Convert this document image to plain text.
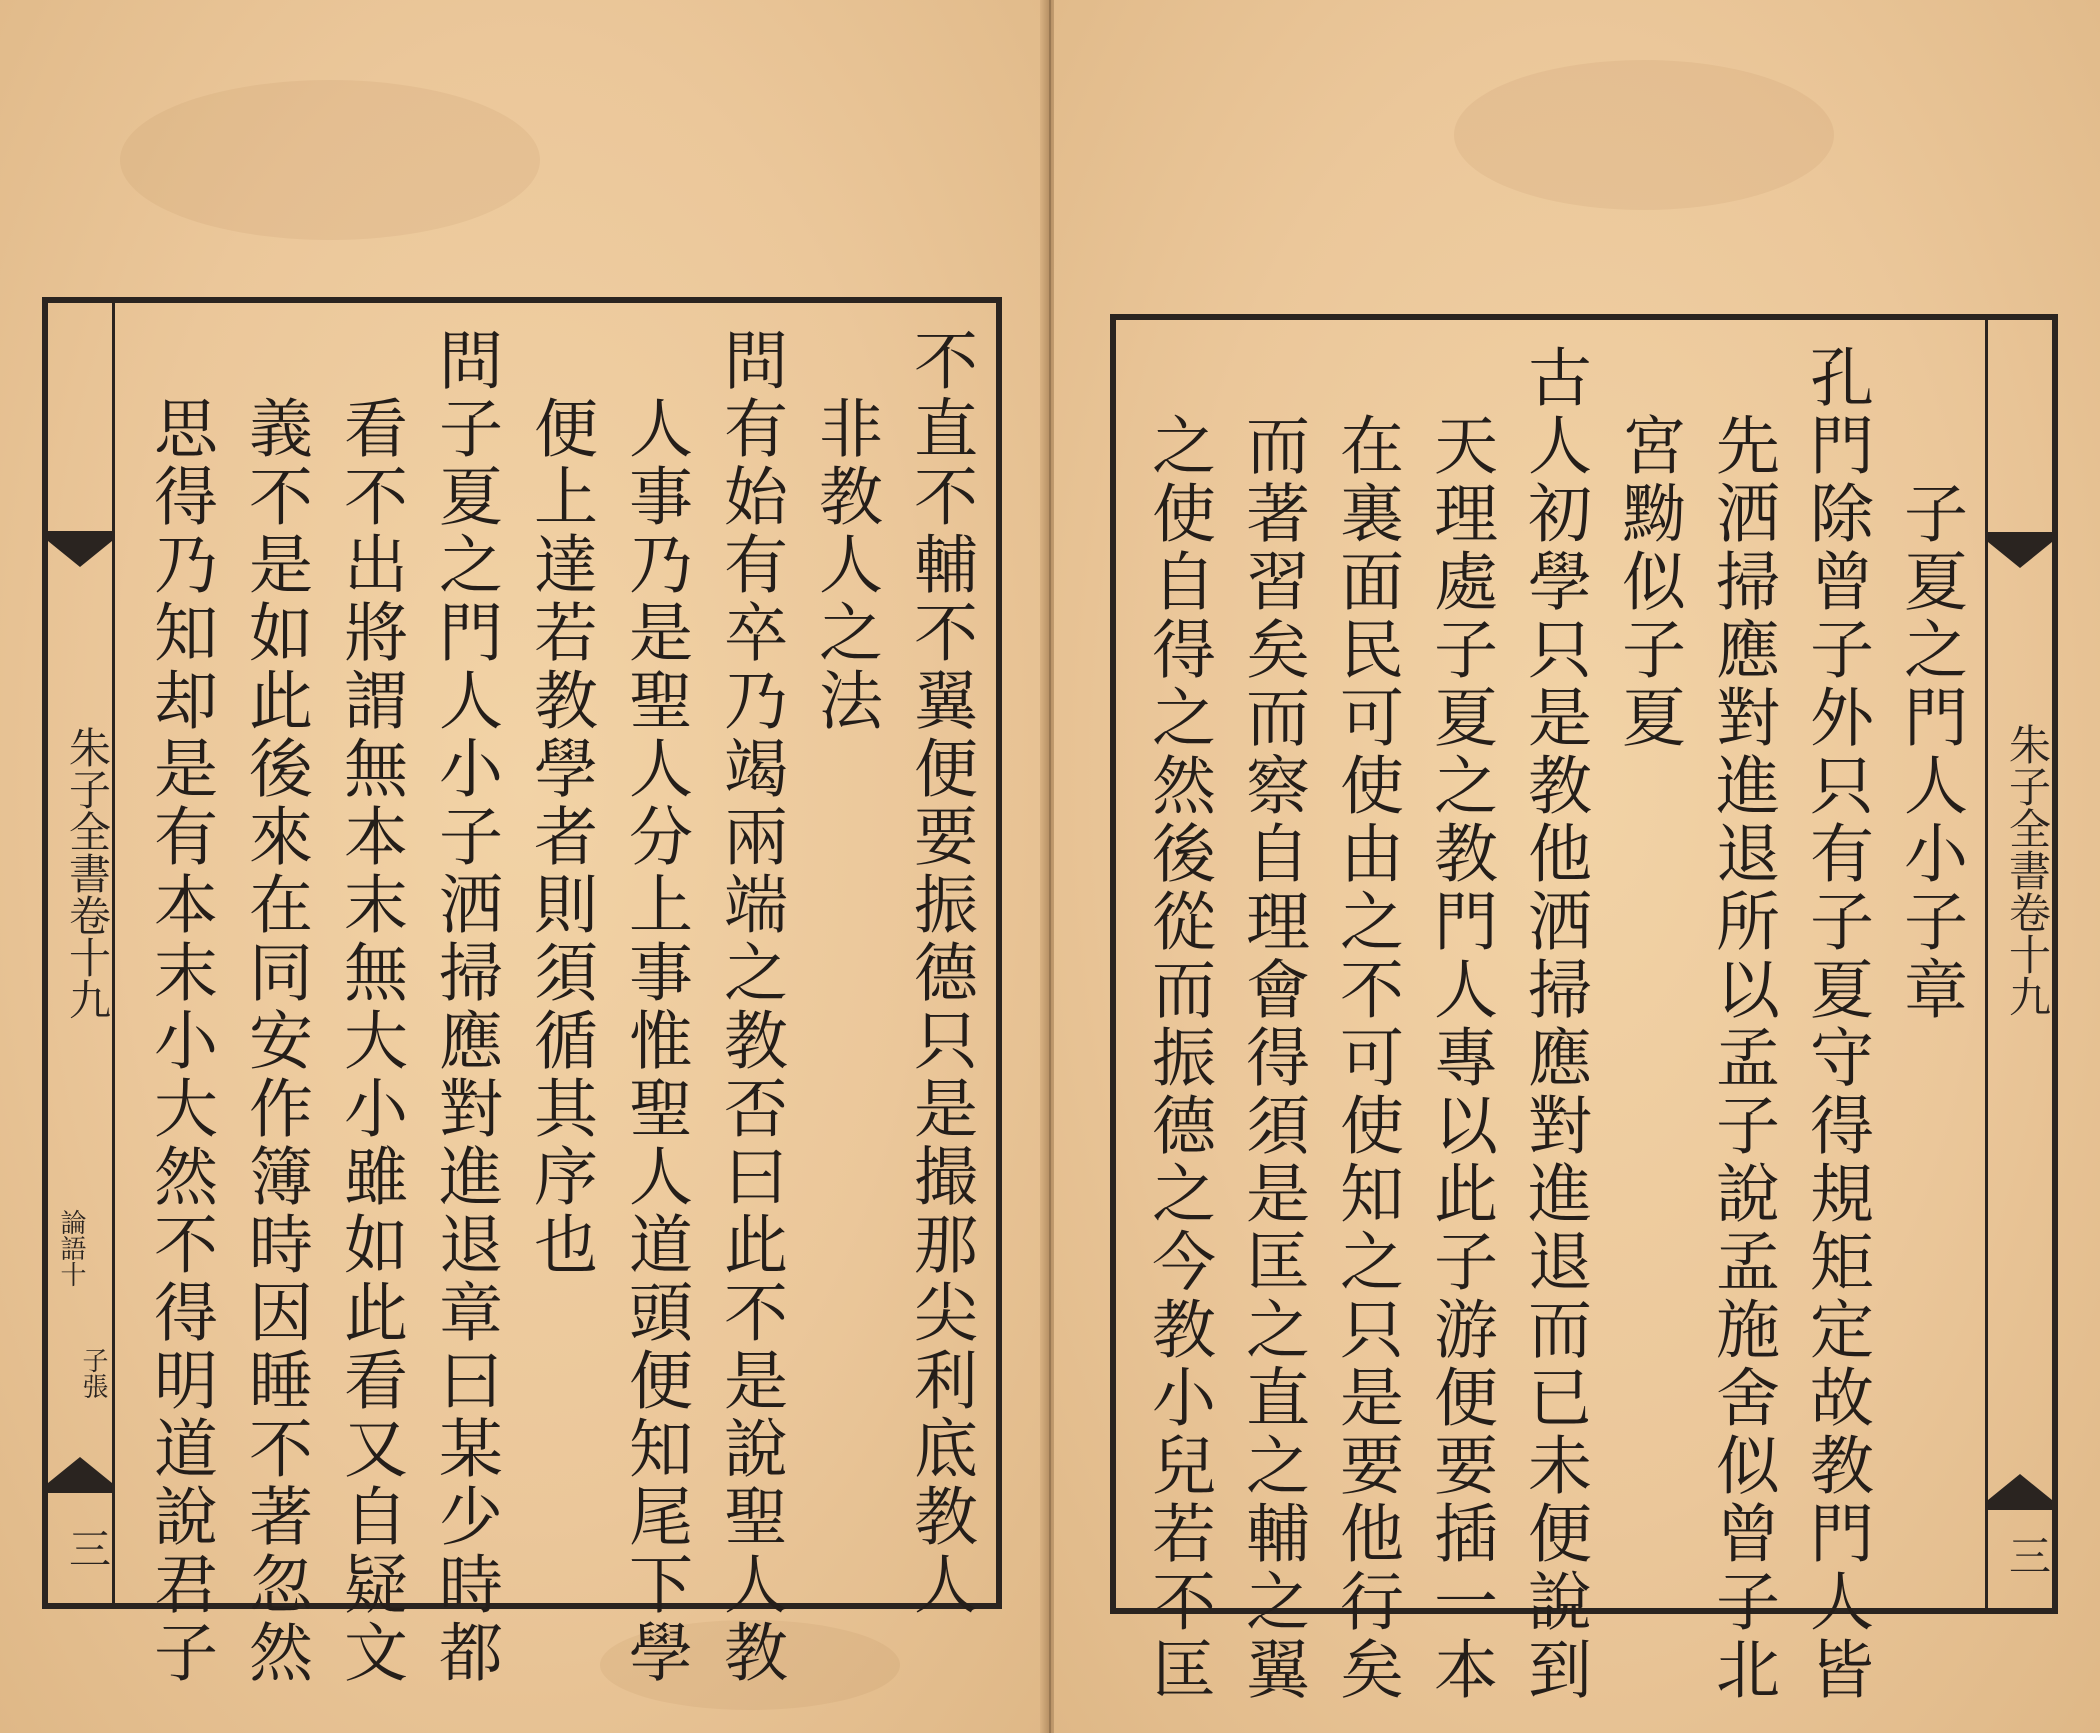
朱子全書卷十九
論語十
子張
三	不直不輔不翼便要振德只是撮那尖利底教人
非教人之法
問有始有卒乃竭兩端之教否曰此不是說聖人教
人事乃是聖人分上事惟聖人道頭便知尾下學
便上達若教學者則須循其序也
問子夏之門人小子洒掃應對進退章曰某少時都
看不出將謂無本末無大小雖如此看又自疑文
義不是如此後來在同安作簿時因睡不著忽然
思得乃知却是有本末小大然不得明道說君子	朱子全書卷十九
三
子夏之門人小子章
孔門除曾子外只有子夏守得規矩定故教門人皆
先洒掃應對進退所以孟子說孟施舍似曾子北
宮黝似子夏
古人初學只是教他洒掃應對進退而已未便說到
天理處子夏之教門人專以此子游便要插一本
在裏面民可使由之不可使知之只是要他行矣
而著習矣而察自理會得須是匡之直之輔之翼
之使自得之然後從而振德之今教小兒若不匡
